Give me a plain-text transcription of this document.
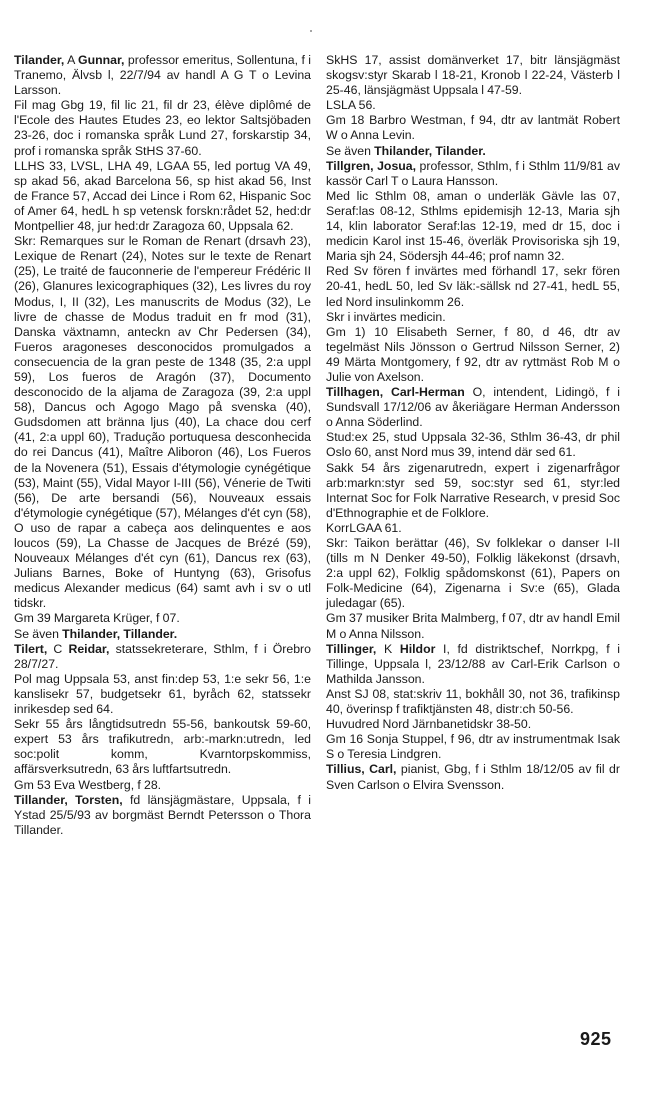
Tilander, A Gunnar, professor emeritus, Sollentuna, f i Tranemo, Älvsb l, 22/7/94 av handl A G T o Levina Larsson.

Fil mag Gbg 19, fil lic 21, fil dr 23, élève diplômé de l'Ecole des Hautes Etudes 23, eo lektor Saltsjöbaden 23-26, doc i romanska språk Lund 27, forskarstip 34, prof i romanska språk StHS 37-60.

LLHS 33, LVSL, LHA 49, LGAA 55, led portug VA 49, sp akad 56, akad Barcelona 56, sp hist akad 56, Inst de France 57, Accad dei Lince i Rom 62, Hispanic Soc of Amer 64, hedL h sp vetensk forskn:rådet 52, hed:dr Montpellier 48, jur hed:dr Zaragoza 60, Uppsala 62.

Skr: Remarques sur le Roman de Renart (drsavh 23), Lexique de Renart (24), Notes sur le texte de Renart (25), Le traité de fauconnerie de l'empereur Frédéric II (26), Glanures lexicographiques (32), Les livres du roy Modus, I, II (32), Les manuscrits de Modus (32), Le livre de chasse de Modus traduit en fr mod (31), Danska växtnamn, anteckn av Chr Pedersen (34), Fueros aragoneses desconocidos promulgados a consecuencia de la gran peste de 1348 (35, 2:a uppl 59), Los fueros de Aragón (37), Documento desconocido de la aljama de Zaragoza (39, 2:a uppl 58), Dancus och Agogo Mago på svenska (40), Gudsdomen att bränna ljus (40), La chace dou cerf (41, 2:a uppl 60), Tradução portuquesa desconhecida do rei Dancus (41), Maître Aliboron (46), Los Fueros de la Novenera (51), Essais d'étymologie cynégétique (53), Maint (55), Vidal Mayor I-III (56), Vénerie de Twiti (56), De arte bersandi (56), Nouveaux essais d'étymologie cynégétique (57), Mélanges d'ét cyn (58), O uso de rapar a cabeça aos delinquentes e aos loucos (59), La Chasse de Jacques de Brézé (59), Nouveaux Mélanges d'ét cyn (61), Dancus rex (63), Julians Barnes, Boke of Huntyng (63), Grisofus medicus Alexander medicus (64) samt avh i sv o utl tidskr.

Gm 39 Margareta Krüger, f 07.

Se även Thilander, Tillander.

Tilert, C Reidar, statssekreterare, Sthlm, f i Örebro 28/7/27.

Pol mag Uppsala 53, anst fin:dep 53, 1:e sekr 56, 1:e kanslisekr 57, budgetsekr 61, byråch 62, statssekr inrikesdep sed 64.

Sekr 55 års långtidsutredn 55-56, bankoutsk 59-60, expert 53 års trafikutredn, arb:-markn:utredn, led soc:polit komm, Kvarntorpskommiss, affärsverksutredn, 63 års luftfartsutredn.

Gm 53 Eva Westberg, f 28.

Tillander, Torsten, fd länsjägmästare, Uppsala, f i Ystad 25/5/93 av borgmäst Berndt Petersson o Thora Tillander.

SkHS 17, assist domänverket 17, bitr länsjägmäst skogsv:styr Skarab l 18-21, Kronob l 22-24, Västerb l 25-46, länsjägmäst Uppsala l 47-59.

LSLA 56.

Gm 18 Barbro Westman, f 94, dtr av lantmät Robert W o Anna Levin.

Se även Thilander, Tilander.

Tillgren, Josua, professor, Sthlm, f i Sthlm 11/9/81 av kassör Carl T o Laura Hansson.

Med lic Sthlm 08, aman o underläk Gävle las 07, Seraf:las 08-12, Sthlms epidemisjh 12-13, Maria sjh 14, klin laborator Seraf:las 12-19, med dr 15, doc i medicin Karol inst 15-46, överläk Provisoriska sjh 19, Maria sjh 24, Södersjh 44-46; prof namn 32.

Red Sv fören f invärtes med förhandl 17, sekr fören 20-41, hedL 50, led Sv läk:-sällsk nd 27-41, hedL 55, led Nord insulinkomm 26.

Skr i invärtes medicin.

Gm 1) 10 Elisabeth Serner, f 80, d 46, dtr av tegelmäst Nils Jönsson o Gertrud Nilsson Serner, 2) 49 Märta Montgomery, f 92, dtr av ryttmäst Rob M o Julie von Axelson.

Tillhagen, Carl-Herman O, intendent, Lidingö, f i Sundsvall 17/12/06 av åkeriägare Herman Andersson o Anna Söderlind.

Stud:ex 25, stud Uppsala 32-36, Sthlm 36-43, dr phil Oslo 60, anst Nord mus 39, intend där sed 61.

Sakk 54 års zigenarutredn, expert i zigenarfrågor arb:markn:styr sed 59, soc:styr sed 61, styr:led Internat Soc for Folk Narrative Research, v presid Soc d'Ethnographie et de Folklore.

KorrLGAA 61.

Skr: Taikon berättar (46), Sv folklekar o danser I-II (tills m N Denker 49-50), Folklig läkekonst (drsavh, 2:a uppl 62), Folklig spådomskonst (61), Papers on Folk-Medicine (64), Zigenarna i Sv:e (65), Glada juledagar (65).

Gm 37 musiker Brita Malmberg, f 07, dtr av handl Emil M o Anna Nilsson.

Tillinger, K Hildor I, fd distriktschef, Norrkpg, f i Tillinge, Uppsala l, 23/12/88 av Carl-Erik Carlson o Mathilda Jansson.

Anst SJ 08, stat:skriv 11, bokhåll 30, not 36, trafikinsp 40, överinsp f trafiktjänsten 48, distr:ch 50-56.

Huvudred Nord Järnbanetidskr 38-50.

Gm 16 Sonja Stuppel, f 96, dtr av instrumentmak Isak S o Teresia Lindgren.

Tillius, Carl, pianist, Gbg, f i Sthlm 18/12/05 av fil dr Sven Carlson o Elvira Svensson.

925
